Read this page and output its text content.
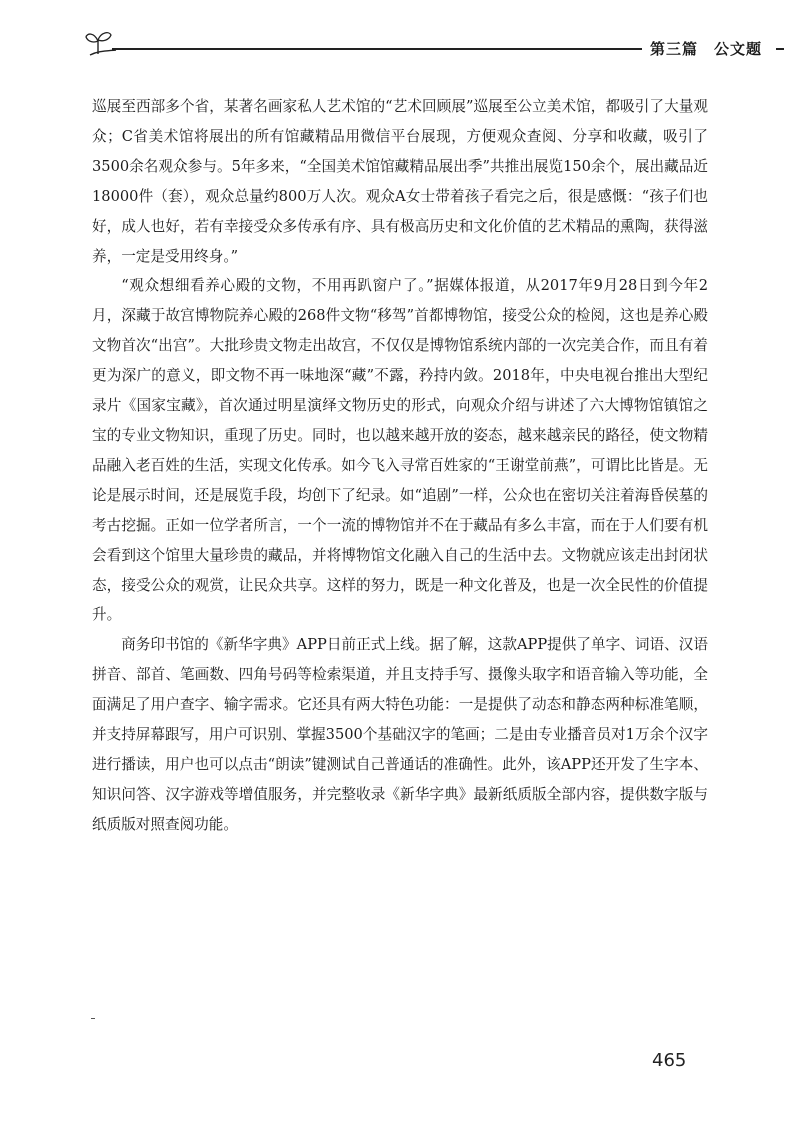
第三篇 公文题

巡展至西部多个省，某著名画家私人艺术馆的“艺术回顾展”巡展至公立美术馆，都吸引了大量观众；C省美术馆将展出的所有馆藏精品用微信平台展现，方便观众查阅、分享和收藏，吸引了3500余名观众参与。5年多来，“全国美术馆馆藏精品展出季”共推出展览150余个，展出藏品近18000件（套），观众总量约800万人次。观众A女士带着孩子看完之后，很是感慨：“孩子们也好，成人也好，若有幸接受众多传承有序、具有极高历史和文化价值的艺术精品的熏陶，获得滋养，一定是受用终身。”

“观众想细看养心殿的文物，不用再趴窗户了。”据媒体报道，从2017年9月28日到今年2月，深藏于故宫博物院养心殿的268件文物“移驾”首都博物馆，接受公众的检阅，这也是养心殿文物首次“出宫”。大批珍贵文物走出故宫，不仅仅是博物馆系统内部的一次完美合作，而且有着更为深广的意义，即文物不再一味地深“藏”不露，矜持内敛。2018年，中央电视台推出大型纪录片《国家宝藏》，首次通过明星演绎文物历史的形式，向观众介绍与讲述了六大博物馆镇馆之宝的专业文物知识，重现了历史。同时，也以越来越开放的姿态，越来越亲民的路径，使文物精品融入老百姓的生活，实现文化传承。如今飞入寻常百姓家的“王谢堂前燕”，可谓比比皆是。无论是展示时间，还是展览手段，均创下了纪录。如“追剧”一样，公众也在密切关注着海昏侯墓的考古挖掘。正如一位学者所言，一个一流的博物馆并不在于藏品有多么丰富，而在于人们要有机会看到这个馆里大量珍贵的藏品，并将博物馆文化融入自己的生活中去。文物就应该走出封闭状态，接受公众的观赏，让民众共享。这样的努力，既是一种文化普及，也是一次全民性的价值提升。

商务印书馆的《新华字典》APP日前正式上线。据了解，这款APP提供了单字、词语、汉语拼音、部首、笔画数、四角号码等检索渠道，并且支持手写、摄像头取字和语音输入等功能，全面满足了用户查字、输字需求。它还具有两大特色功能：一是提供了动态和静态两种标准笔顺，并支持屏幕跟写，用户可识别、掌握3500个基础汉字的笔画；二是由专业播音员对1万余个汉字进行播读，用户也可以点击“朗读”键测试自己普通话的准确性。此外，该APP还开发了生字本、知识问答、汉字游戏等增值服务，并完整收录《新华字典》最新纸质版全部内容，提供数字版与纸质版对照查阅功能。

465
